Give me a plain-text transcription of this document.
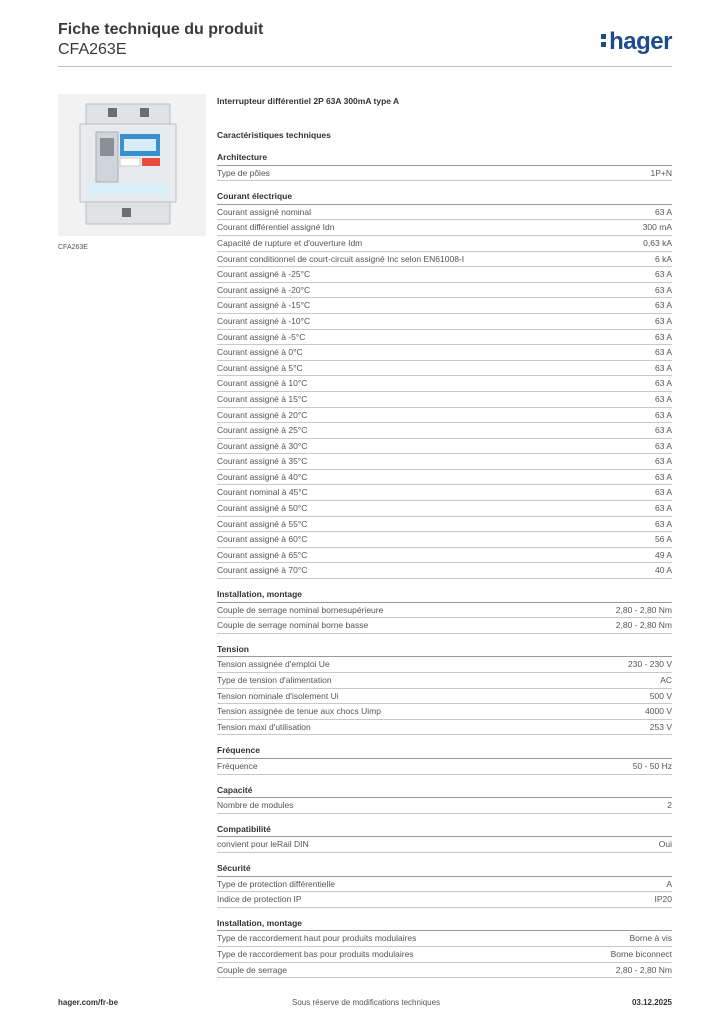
Fiche technique du produit
CFA263E	hager
CFA263E
Interrupteur différentiel 2P 63A 300mA type A
Caractéristiques techniques
Architecture
Type de pôles	1P+N
Courant électrique
Courant assigné nominal	63 A
Courant différentiel assigné Idn	300 mA
Capacité de rupture et d'ouverture Idm	0,63 kA
Courant conditionnel de court-circuit assigné Inc selon EN61008-I	6 kA
Courant assigné à -25°C	63 A
Courant assigné à -20°C	63 A
Courant assigné à -15°C	63 A
Courant assigné à -10°C	63 A
Courant assigné à -5°C	63 A
Courant assigné à 0°C	63 A
Courant assigné à 5°C	63 A
Courant assigné à 10°C	63 A
Courant assigné à 15°C	63 A
Courant assigné à 20°C	63 A
Courant assigné à 25°C	63 A
Courant assigné à 30°C	63 A
Courant assigné à 35°C	63 A
Courant assigné à 40°C	63 A
Courant nominal à 45°C	63 A
Courant assigné à 50°C	63 A
Courant assigné à 55°C	63 A
Courant assigné à 60°C	56 A
Courant assigné à 65°C	49 A
Courant assigné à 70°C	40 A
Installation, montage
Couple de serrage nominal bornesupérieure	2,80 - 2,80 Nm
Couple de serrage nominal borne basse	2,80 - 2,80 Nm
Tension
Tension assignée d'emploi Ue	230 - 230 V
Type de tension d'alimentation	AC
Tension nominale d'isolement Ui	500 V
Tension assignée de tenue aux chocs Uimp	4000 V
Tension maxi d'utilisation	253 V
Fréquence
Fréquence	50 - 50 Hz
Capacité
Nombre de modules	2
Compatibilité
convient pour leRail DIN	Oui
Sécurité
Type de protection différentielle	A
Indice de protection IP	IP20
Installation, montage
Type de raccordement haut pour produits modulaires	Borne à vis
Type de raccordement bas pour produits modulaires	Borne biconnect
Couple de serrage	2,80 - 2,80 Nm
hager.com/fr-be	Sous réserve de modifications techniques	03.12.2025
